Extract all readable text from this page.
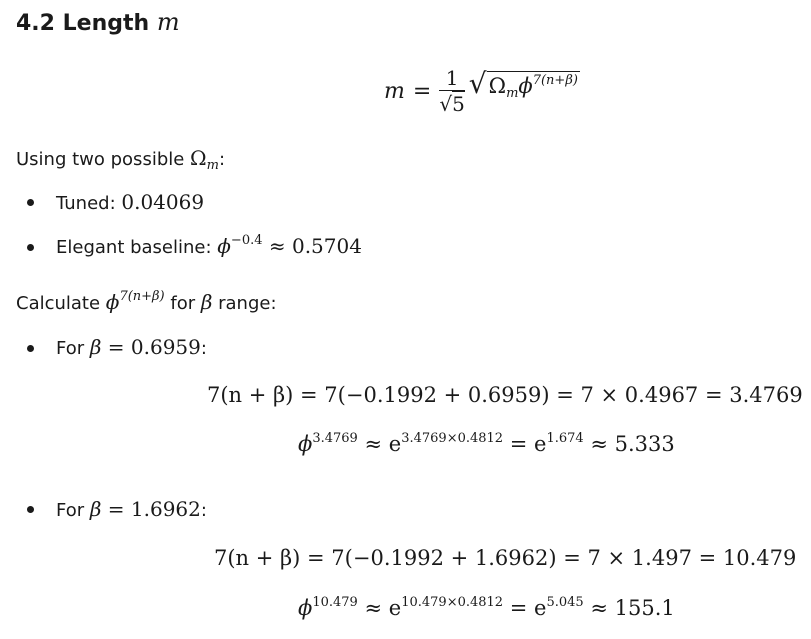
4.2 Length m
$m = \frac{1}{√5}$ √ $\Omega_m\phi^{7(n+\beta)}$
Using two possible $\Omega_m$:
Tuned: 0.04069
Elegant baseline: $\phi^{-0.4} \approx 0.5704$
Calculate $\phi^{7(n+\beta)}$ for β range:
For β = 0.6959:
7(n + β) = 7(−0.1992 + 0.6959) = 7 × 0.4967 = 3.4769
$\phi^{3.4769} \approx e^{3.4769\times 0.4812} = e^{1.674} \approx 5.333$
For β = 1.6962:
7(n + β) = 7(−0.1992 + 1.6962) = 7 × 1.497 = 10.479
$\phi^{10.479} \approx e^{10.479\times 0.4812} = e^{5.045} \approx 155.1$
